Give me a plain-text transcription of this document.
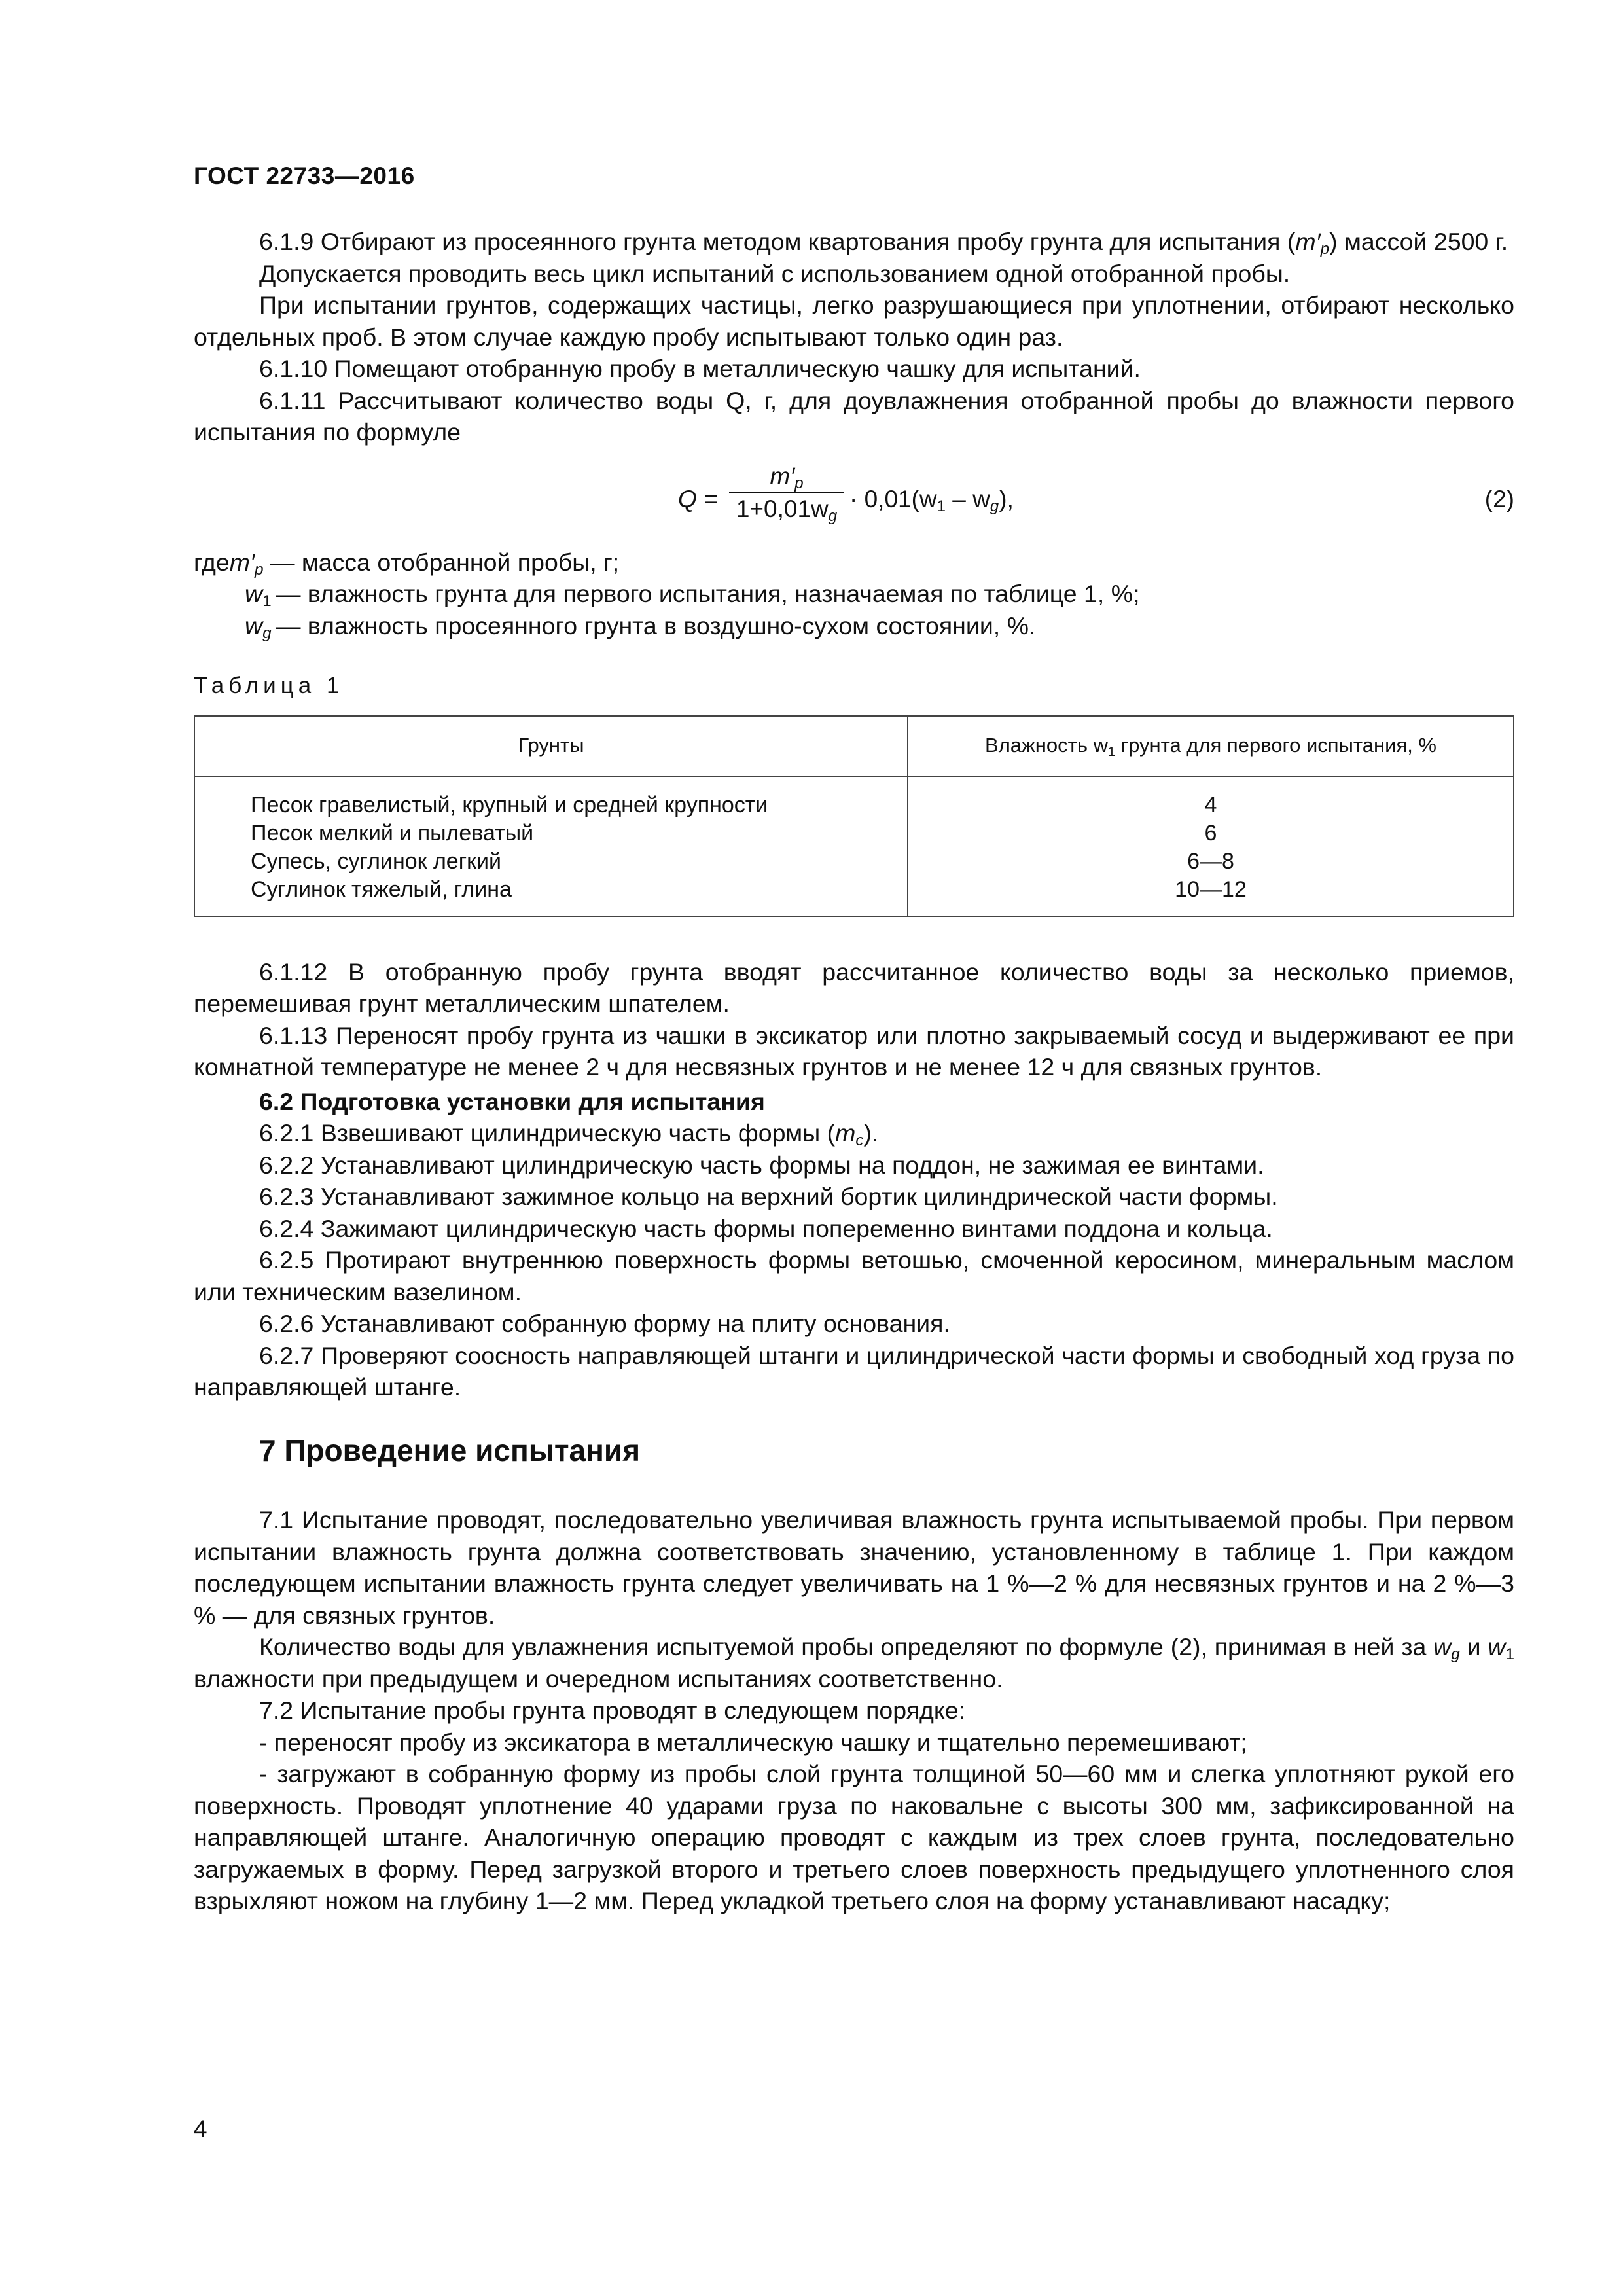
ГОСТ 22733—2016

6.1.9 Отбирают из просеянного грунта методом квартования пробу грунта для испытания $(m'_p)$ массой 2500 г.

Допускается проводить весь цикл испытаний с использованием одной отобранной пробы.

При испытании грунтов, содержащих частицы, легко разрушающиеся при уплотнении, отбирают несколько отдельных проб. В этом случае каждую пробу испытывают только один раз.

6.1.10 Помещают отобранную пробу в металлическую чашку для испытаний.

6.1.11 Рассчитывают количество воды Q, г, для доувлажнения отобранной пробы до влажности первого испытания по формуле

Q =
$m'_p$
$1+0,01w_g$
· $0,01(w_1 - w_g)$,	(2)
$гдеm'_p$ — масса отобранной пробы, г;
$w_1$ — влажность грунта для первого испытания, назначаемая по таблице 1, %;
$w_g$ — влажность просеянного грунта в воздушно-сухом состоянии, %.
Таблица 1
Грунты	Влажность $w_1$ грунта для первого испытания, %
Песок гравелистый, крупный и средней крупности	4
Песок мелкий и пылеватый	6
Супесь, суглинок легкий	6—8
Суглинок тяжелый, глина	10—12

6.1.12 В отобранную пробу грунта вводят рассчитанное количество воды за несколько приемов, перемешивая грунт металлическим шпателем.

6.1.13 Переносят пробу грунта из чашки в эксикатор или плотно закрываемый сосуд и выдерживают ее при комнатной температуре не менее 2 ч для несвязных грунтов и не менее 12 ч для связных грунтов.

6.2 Подготовка установки для испытания

6.2.1 Взвешивают цилиндрическую часть формы $(m_c)$.

6.2.2 Устанавливают цилиндрическую часть формы на поддон, не зажимая ее винтами.

6.2.3 Устанавливают зажимное кольцо на верхний бортик цилиндрической части формы.

6.2.4 Зажимают цилиндрическую часть формы попеременно винтами поддона и кольца.

6.2.5 Протирают внутреннюю поверхность формы ветошью, смоченной керосином, минеральным маслом или техническим вазелином.

6.2.6 Устанавливают собранную форму на плиту основания.

6.2.7 Проверяют соосность направляющей штанги и цилиндрической части формы и свободный ход груза по направляющей штанге.

7 Проведение испытания

7.1 Испытание проводят, последовательно увеличивая влажность грунта испытываемой пробы. При первом испытании влажность грунта должна соответствовать значению, установленному в таблице 1. При каждом последующем испытании влажность грунта следует увеличивать на 1 %—2 % для несвязных грунтов и на 2 %—3 % — для связных грунтов.

Количество воды для увлажнения испытуемой пробы определяют по формуле (2), принимая в ней за $w_g$ и $w_1$ влажности при предыдущем и очередном испытаниях соответственно.

7.2 Испытание пробы грунта проводят в следующем порядке:

- переносят пробу из эксикатора в металлическую чашку и тщательно перемешивают;

- загружают в собранную форму из пробы слой грунта толщиной 50—60 мм и слегка уплотняют рукой его поверхность. Проводят уплотнение 40 ударами груза по наковальне с высоты 300 мм, зафиксированной на направляющей штанге. Аналогичную операцию проводят с каждым из трех слоев грунта, последовательно загружаемых в форму. Перед загрузкой второго и третьего слоев поверхность предыдущего уплотненного слоя взрыхляют ножом на глубину 1—2 мм. Перед укладкой третьего слоя на форму устанавливают насадку;

4
